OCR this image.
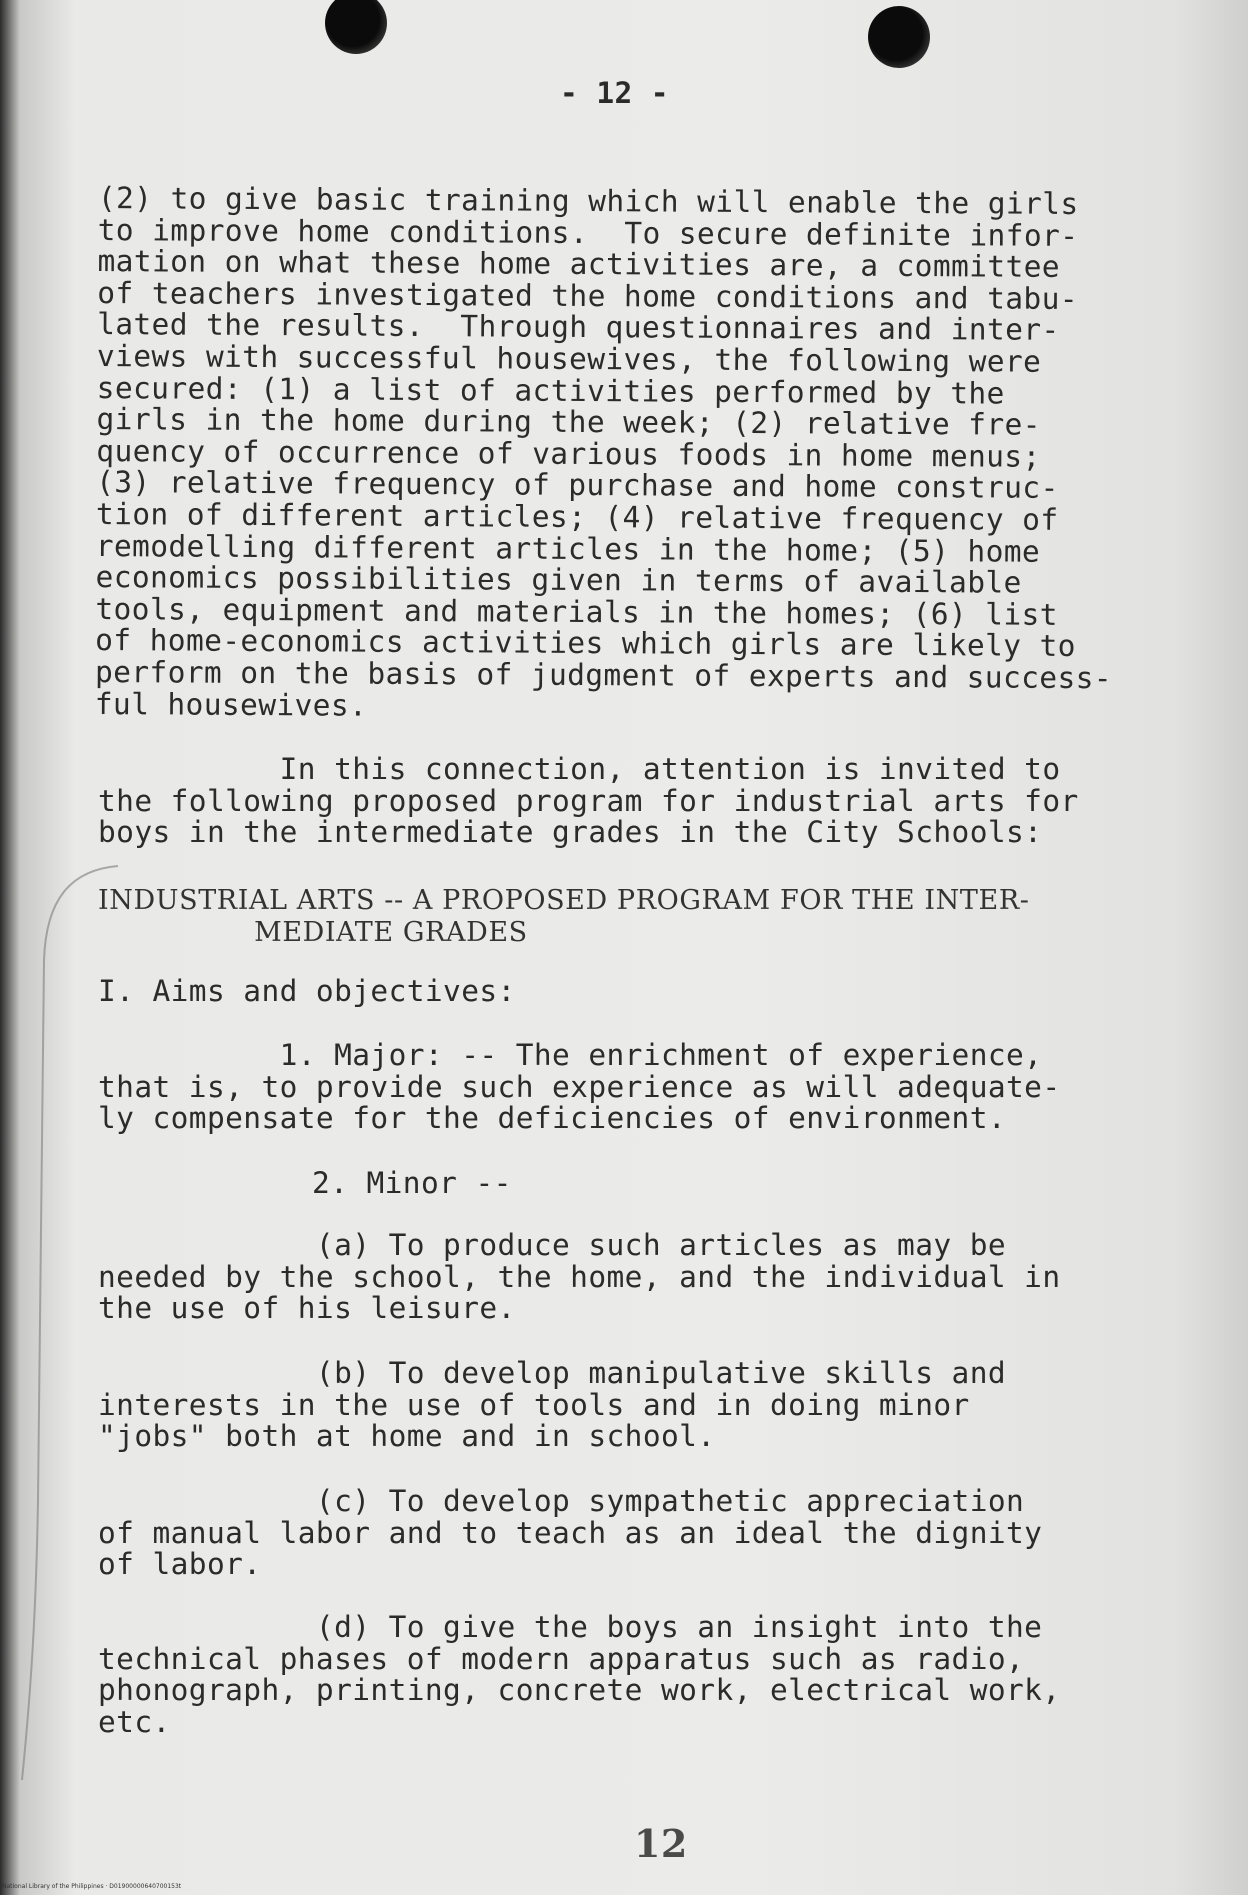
- 12 -

(2) to give basic training which will enable the girls
to improve home conditions.  To secure definite infor-
mation on what these home activities are, a committee
of teachers investigated the home conditions and tabu-
lated the results.  Through questionnaires and inter-
views with successful housewives, the following were
secured: (1) a list of activities performed by the
girls in the home during the week; (2) relative fre-
quency of occurrence of various foods in home menus;
(3) relative frequency of purchase and home construc-
tion of different articles; (4) relative frequency of
remodelling different articles in the home; (5) home
economics possibilities given in terms of available
tools, equipment and materials in the homes; (6) list
of home-economics activities which girls are likely to
perform on the basis of judgment of experts and success-
ful housewives.

In this connection, attention is invited to
the following proposed program for industrial arts for
boys in the intermediate grades in the City Schools:

INDUSTRIAL ARTS -- A PROPOSED PROGRAM FOR THE INTER-
MEDIATE GRADES

I. Aims and objectives:

1. Major: -- The enrichment of experience,
that is, to provide such experience as will adequate-
ly compensate for the deficiencies of environment.

2. Minor --

(a) To produce such articles as may be
needed by the school, the home, and the individual in
the use of his leisure.

(b) To develop manipulative skills and
interests in the use of tools and in doing minor
"jobs" both at home and in school.

(c) To develop sympathetic appreciation
of manual labor and to teach as an ideal the dignity
of labor.

(d) To give the boys an insight into the
technical phases of modern apparatus such as radio,
phonograph, printing, concrete work, electrical work,
etc.

12

National Library of the Philippines · D01900000640700153t
